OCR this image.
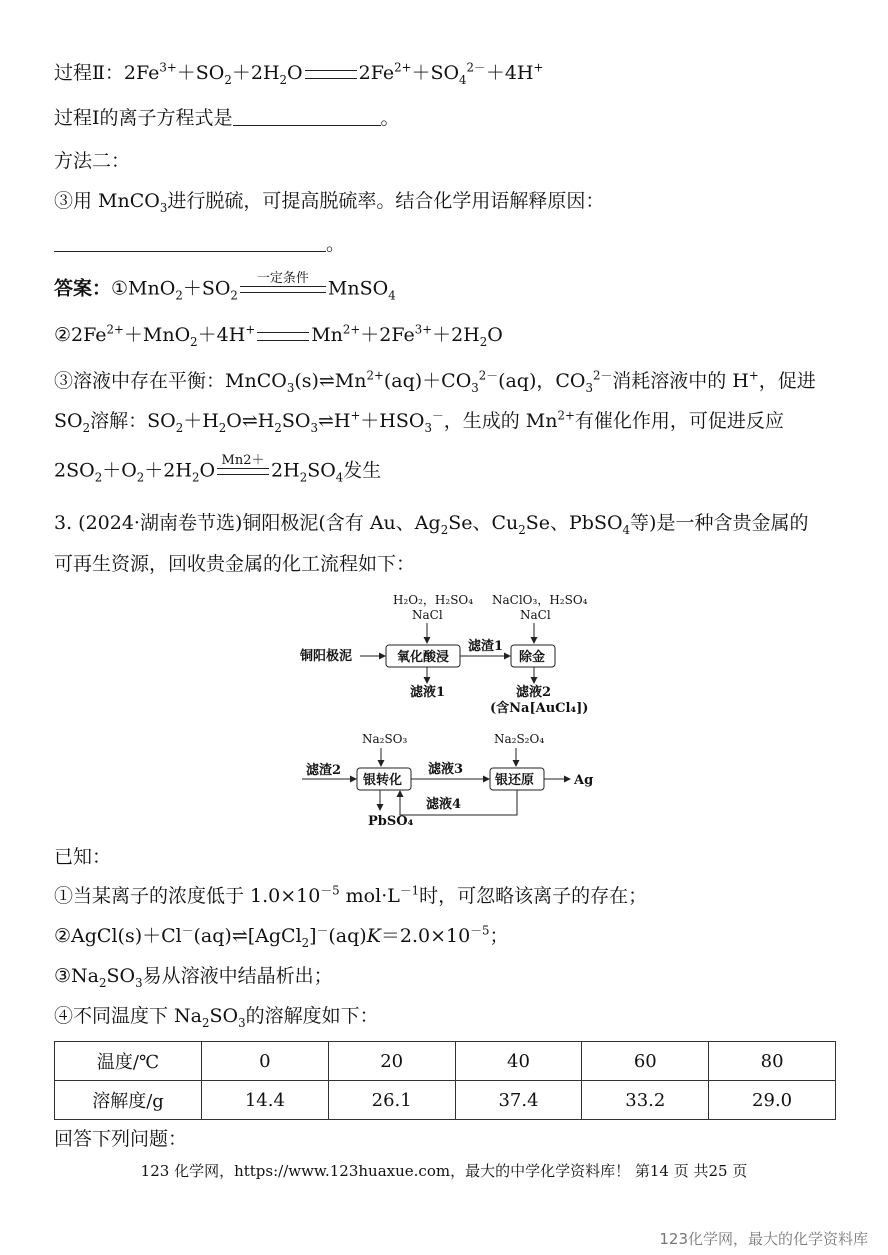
过程Ⅱ：$2Fe^{3+}+SO_2+2H_2O$	$2Fe^{2+}+SO_4^{2-}+4H^+$
过程Ⅰ的离子方程式是	。
方法二：
③用 MnCO$_3$进行脱硫，可提高脱硫率。结合化学用语解释原因：
。
答案：$①MnO_2+SO_2$
一定条件	MnSO$_4$
$②2Fe^{2+}+MnO_2+4H^+$	$Mn^{2+}+2Fe^{3+}+2H_2O$
③溶液中存在平衡：$MnCO_3(s)\rightleftharpoons Mn^{2+}(aq)+CO_3^{2-}(aq)$，$CO_3^{2-}$消耗溶液中的 H+，促进
$SO_2$溶解：$SO_2+H_2O\rightleftharpoons H_2SO_3\rightleftharpoons H^++HSO_3^-$，生成的 $Mn^{2+}$有催化作用，可促进反应
$2SO_2+O_2+2H_2O$ $Mn2+ 2H_2SO_4$发生
3. (2024·湖南卷节选)铜阳极泥(含有 Au、$Ag_2Se$、$Cu_2Se$、PbSO$_4$等)是一种含贵金属的
可再生资源，回收贵金属的化工流程如下：
H₂O₂，H₂SO₄
NaCl
NaClO₃，H₂SO₄
NaCl
铜阳极泥	氧化酸浸
滤渣1
除金
滤液1	滤液2
(含Na[AuCl₄])
Na₂SO₃	Na₂S₂O₄
滤渣2
银转化
滤液3
银还原	Ag
滤液4
PbSO₄
已知：
①当某离子的浓度低于 $1.0\times 10^{-5}$ $mol\cdot L^{-1}$时，可忽略该离子的存在；
$②AgCl(s)+Cl^-(aq)\rightleftharpoons[AgCl_2]^-(aq)K=2.0\times 10^{-5}$；
$③Na_2SO_3$易从溶液中结晶析出；
④不同温度下 $Na_2SO_3$的溶解度如下：
温度/℃	0	20	40	60	80
溶解度/g	14.4	26.1	37.4	33.2	29.0
回答下列问题：
123 化学网，https://www.123huaxue.com，最大的中学化学资料库！ 第14 页 共25 页
123化学网，最大的化学资料库
